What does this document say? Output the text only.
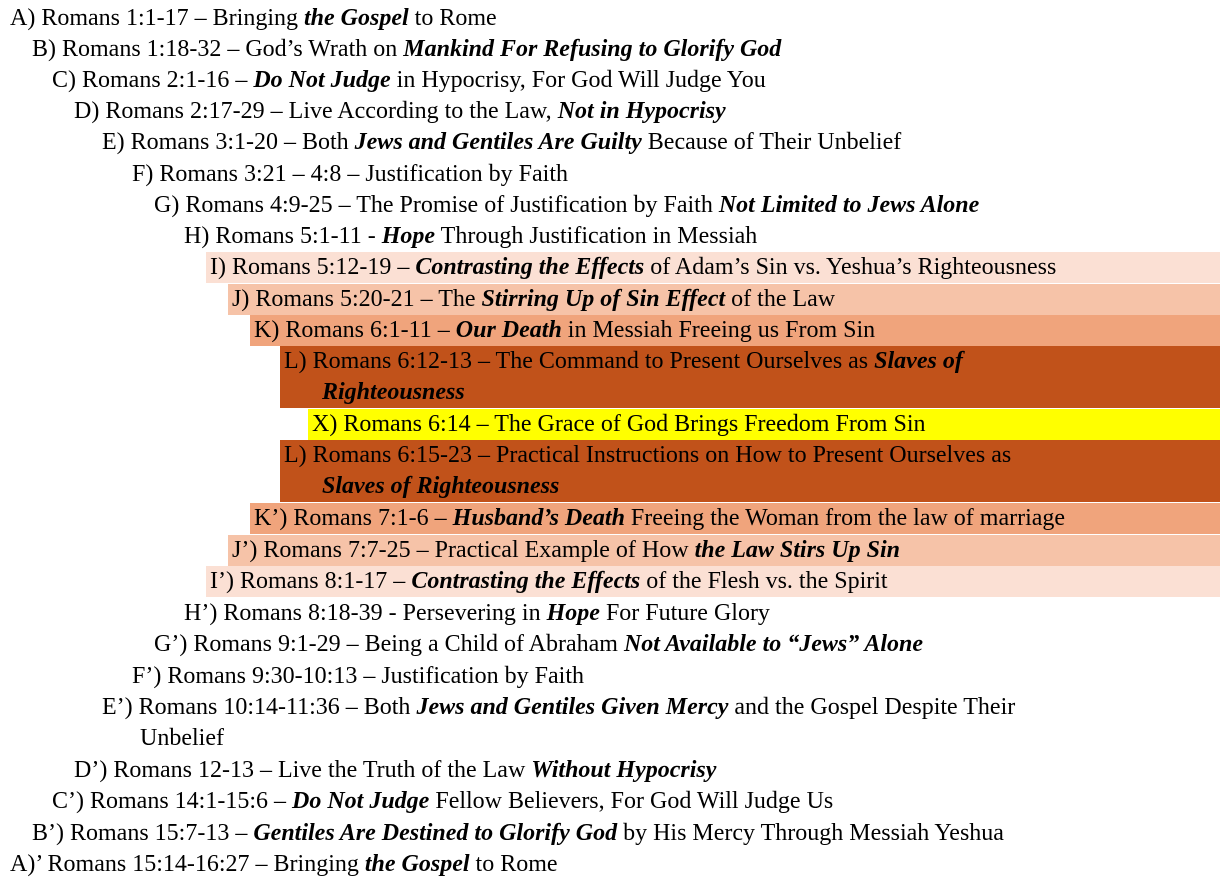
A) Romans 1:1-17 – Bringing the Gospel to Rome
B) Romans 1:18-32 – God’s Wrath on Mankind For Refusing to Glorify God
C) Romans 2:1-16 – Do Not Judge in Hypocrisy, For God Will Judge You
D) Romans 2:17-29 – Live According to the Law, Not in Hypocrisy
E) Romans 3:1-20 – Both Jews and Gentiles Are Guilty Because of Their Unbelief
F) Romans 3:21 – 4:8 – Justification by Faith
G) Romans 4:9-25 – The Promise of Justification by Faith Not Limited to Jews Alone
H) Romans 5:1-11 - Hope Through Justification in Messiah
I) Romans 5:12-19 – Contrasting the Effects of Adam’s Sin vs. Yeshua’s Righteousness
J) Romans 5:20-21 – The Stirring Up of Sin Effect of the Law
K) Romans 6:1-11 – Our Death in Messiah Freeing us From Sin
L) Romans 6:12-13 – The Command to Present Ourselves as Slaves of
Righteousness
X) Romans 6:14 – The Grace of God Brings Freedom From Sin
L) Romans 6:15-23 – Practical Instructions on How to Present Ourselves as
Slaves of Righteousness
K’) Romans 7:1-6 – Husband’s Death Freeing the Woman from the law of marriage
J’) Romans 7:7-25 – Practical Example of How the Law Stirs Up Sin
I’) Romans 8:1-17 – Contrasting the Effects of the Flesh vs. the Spirit
H’) Romans 8:18-39 - Persevering in Hope For Future Glory
G’) Romans 9:1-29 – Being a Child of Abraham Not Available to “Jews” Alone
F’) Romans 9:30-10:13 – Justification by Faith
E’) Romans 10:14-11:36 – Both Jews and Gentiles Given Mercy and the Gospel Despite Their
Unbelief
D’) Romans 12-13 – Live the Truth of the Law Without Hypocrisy
C’) Romans 14:1-15:6 – Do Not Judge Fellow Believers, For God Will Judge Us
B’) Romans 15:7-13 – Gentiles Are Destined to Glorify God by His Mercy Through Messiah Yeshua
A)’ Romans 15:14-16:27 – Bringing the Gospel to Rome
